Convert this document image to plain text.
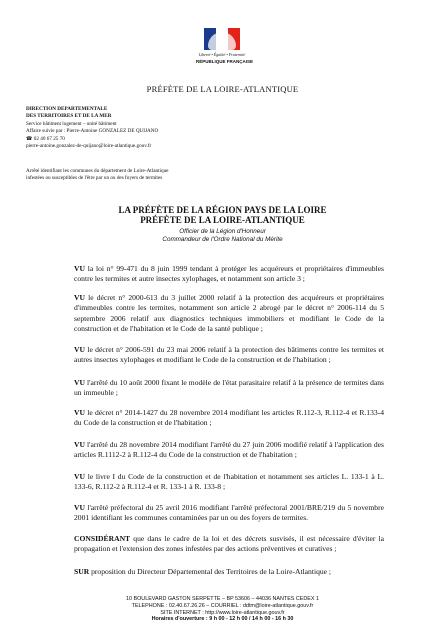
Liberté • Égalité • Fraternité
RÉPUBLIQUE FRANÇAISE
PRÉFÈTE DE LA LOIRE-ATLANTIQUE
DIRECTION DEPARTEMENTALE
DES TERRITOIRES ET DE LA MER
Service bâtiment logement – unité bâtiment
Affaire suivie par : Pierre-Antoine GONZALEZ DE QUIJANO
☎ 02 40 67 25 70
pierre-antoine.gonzalez-de-quijano@loire-atlantique.gouv.fr
Arrêté identifiant les communes du département de Loire-Atlantique
infestées ou susceptibles de l'être par un ou des foyers de termites
LA PRÉFÈTE DE LA RÉGION PAYS DE LA LOIRE
PRÉFÈTE DE LA LOIRE-ATLANTIQUE
Officier de la Légion d'Honneur
Commandeur de l'Ordre National du Mérite
VU la loi n° 99-471 du 8 juin 1999 tendant à protéger les acquéreurs et propriétaires d'immeubles contre les termites et autre insectes xylophages, et notamment son article 3 ;
VU le décret n° 2000-613 du 3 juillet 2000 relatif à la protection des acquéreurs et propriétaires d'immeubles contre les termites, notamment son article 2 abrogé par le décret n° 2006-114 du 5 septembre 2006 relatif aux diagnostics techniques immobiliers et modifiant le Code de la construction et de l'habitation et le Code de la santé publique ;
VU le décret n° 2006-591 du 23 mai 2006 relatif à la protection des bâtiments contre les termites et autres insectes xylophages et modifiant le Code de la construction et de l'habitation ;
VU l'arrêté du 10 août 2000 fixant le modèle de l'état parasitaire relatif à la présence de termites dans un immeuble ;
VU le décret n° 2014-1427 du 28 novembre 2014 modifiant les articles R.112-3, R.112-4 et R.133-4 du Code de la construction et de l'habitation ;
VU l'arrêté du 28 novembre 2014 modifiant l'arrêté du 27 juin 2006 modifié relatif à l'application des articles R.1112-2 à R.112-4 du Code de la construction et de l'habitation ;
VU le livre I du Code de la construction et de l'habitation et notamment ses articles L. 133-1 à L. 133-6, R.112-2 à R.112-4 et R. 133-1 à R. 133-8 ;
VU l'arrêté préfectoral du 25 avril 2016 modifiant l'arrêté préfectoral 2001/BRE/219 du 5 novembre 2001 identifiant les communes contaminées par un ou des foyers de termites.
CONSIDÉRANT que dans le cadre de la loi et des décrets susvisés, il est nécessaire d'éviter la propagation et l'extension des zones infestées par des actions préventives et curatives ;
SUR proposition du Directeur Départemental des Territoires de la Loire-Atlantique ;
10 BOULEVARD GASTON SERPETTE – BP 53606 – 44036 NANTES CEDEX 1
TELEPHONE : 02.40.67.26.26 – COURRIEL : ddtm@loire-atlantique.gouv.fr
SITE INTERNET : http://www.loire-atlantique.gouv.fr
Horaires d'ouverture : 9 h 00 - 12 h 00 / 14 h 00 - 16 h 30
